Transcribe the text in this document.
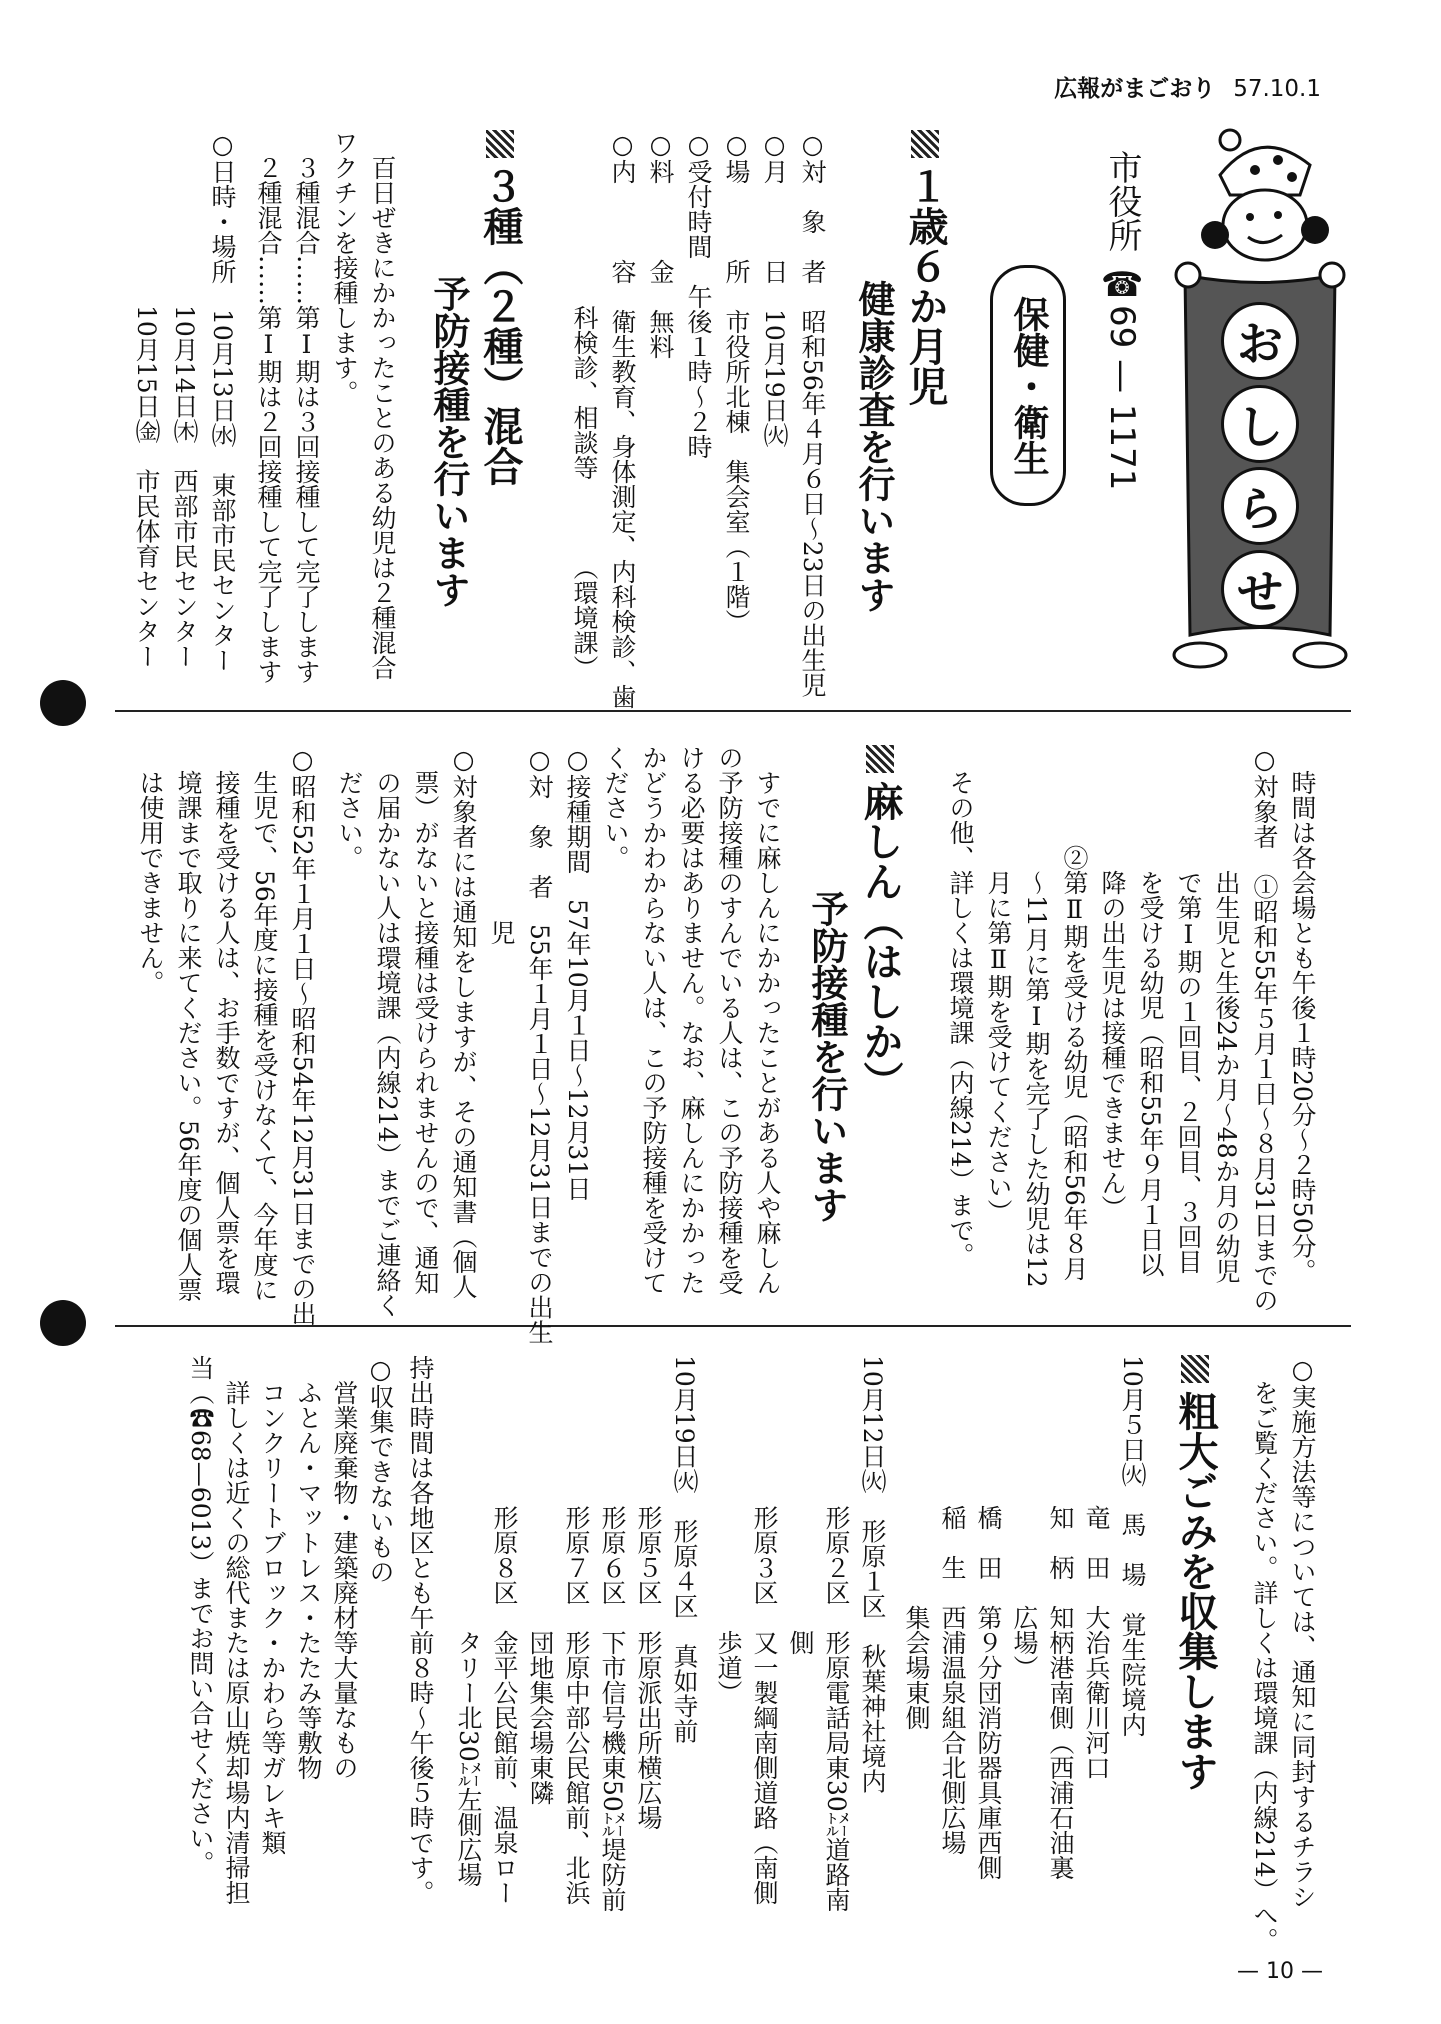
広報がまごおり 57.10.1
お
し
ら
せ
市役所
☎69 — 1171
保健・衛生
１歳６か月児
健康診査を行います
○対　象　者　昭和56年４月６日〜23日の出生児
○月　　　日　10月19日㈫
○場　　　所　市役所北棟　集会室（１階）
○受付時間　午後１時〜２時
○料　　　金　無料
○内　　　容　衛生教育、身体測定、内科検診、歯
　　　　　　　科検診、相談等
（環境課）
３種（２種）混合
予防接種を行います
　百日ぜきにかかったことのある幼児は２種混合
ワクチンを接種します。
　３種混合……第Ⅰ期は３回接種して完了します
　２種混合……第Ⅰ期は２回接種して完了します
○日時・場所　10月13日㈬　東部市民センター
　　　　　　　10月14日㈭　西部市民センター
　　　　　　　10月15日㈮　市民体育センター
　時間は各会場とも午後１時20分〜２時50分。
○対象者　①昭和55年５月１日〜８月31日までの
　　　　　出生児と生後24か月〜48か月の幼児
　　　　　で第Ⅰ期の１回目、２回目、３回目
　　　　　を受ける幼児（昭和55年９月１日以
　　　　　降の出生児は接種できません）
　　　　②第Ⅱ期を受ける幼児（昭和56年８月
　　　　　〜11月に第Ⅰ期を完了した幼児は12
　　　　　月に第Ⅱ期を受けてください）
　その他、詳しくは環境課（内線214）まで。
麻しん（はしか）
予防接種を行います
　すでに麻しんにかかったことがある人や麻しん
の予防接種のすんでいる人は、この予防接種を受
ける必要はありません。なお、麻しんにかかった
かどうかわからない人は、この予防接種を受けて
ください。
○接種期間　57年10月１日〜12月31日
○対　象　者　55年１月１日〜12月31日までの出生
　　　　　　　児
○対象者には通知をしますが、その通知書（個人
　票）がないと接種は受けられませんので、通知
　の届かない人は環境課（内線214）までご連絡く
　ださい。
○昭和52年１月１日〜昭和54年12月31日までの出
　生児で、56年度に接種を受けなくて、今年度に
　接種を受ける人は、お手数ですが、個人票を環
　境課まで取りに来てください。56年度の個人票
　は使用できません。
○実施方法等については、通知に同封するチラシ
　をご覧ください。詳しくは環境課（内線214）へ。
粗大ごみを収集します
10月５日㈫　馬　場　覚生院境内
　　　　　　竜　田　大治兵衛川河口
　　　　　　知　柄　知柄港南側（西浦石油裏
　　　　　　　　　　広場）
　　　　　　橋　田　第９分団消防器具庫西側
　　　　　　稲　生　西浦温泉組合北側広場
　　　　　　　　　　集会場東側
10月12日㈫　形原１区　秋葉神社境内
　　　　　　形原２区　形原電話局東30㍍道路南
　　　　　　　　　　　側
　　　　　　形原３区　又一製綱南側道路（南側
　　　　　　　　　　　歩道）
10月19日㈫　形原４区　真如寺前
　　　　　　形原５区　形原派出所横広場
　　　　　　形原６区　下市信号機東50㍍堤防前
　　　　　　形原７区　形原中部公民館前、北浜
　　　　　　　　　　　団地集会場東隣
　　　　　　形原８区　金平公民館前、温泉ロー
　　　　　　　　　　　タリー北30㍍左側広場
持出時間は各地区とも午前８時〜午後５時です。
○収集できないもの
　営業廃棄物・建築廃材等大量なもの
　ふとん・マットレス・たたみ等敷物
　コンクリートブロック・かわら等ガレキ類
　詳しくは近くの総代または原山焼却場内清掃担
当（☎68—6013）までお問い合せください。
— 10 —
